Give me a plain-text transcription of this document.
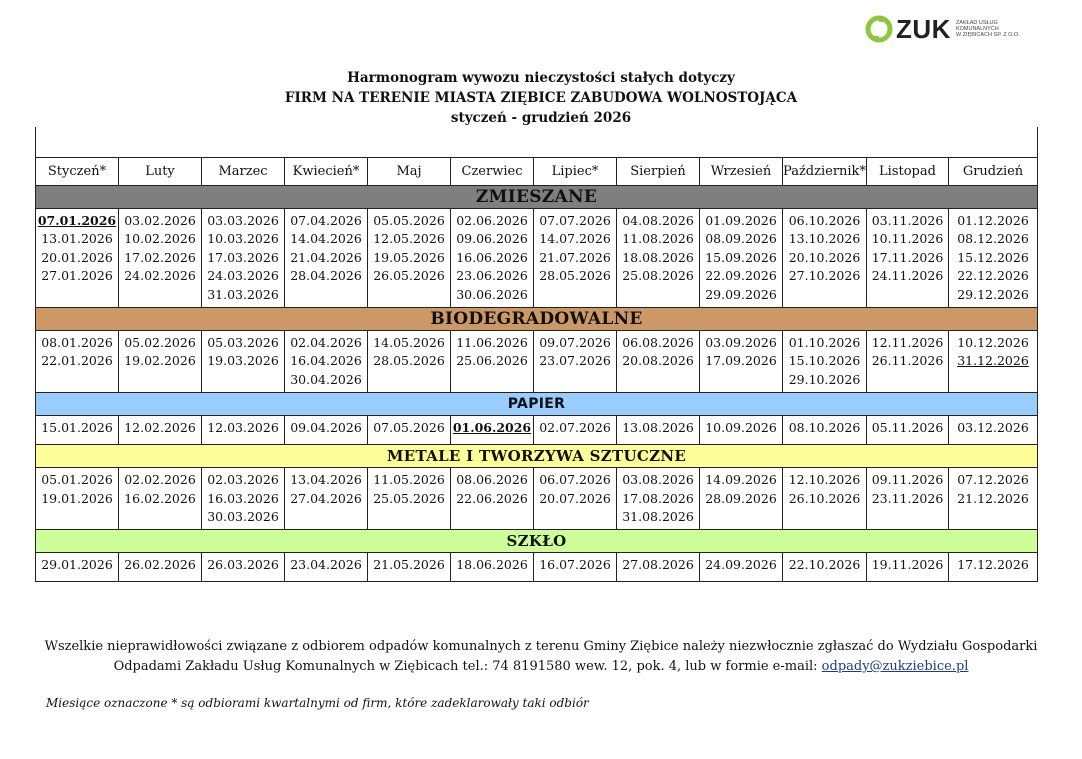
ZUK ZAKŁAD USŁUG
KOMUNALNYCH
W ZIĘBICACH SP. Z O.O.
Harmonogram wywozu nieczystości stałych dotyczy
FIRM NA TERENIE MIASTA ZIĘBICE ZABUDOWA WOLNOSTOJĄCA
styczeń - grudzień 2026
Styczeń*	Luty	Marzec	Kwiecień*	Maj	Czerwiec	Lipiec*	Sierpień	Wrzesień	Październik*	Listopad	Grudzień
ZMIESZANE											

07.01.2026
13.01.2026
20.01.2026
27.01.2026	03.02.2026
10.02.2026
17.02.2026
24.02.2026	03.03.2026
10.03.2026
17.03.2026
24.03.2026
31.03.2026	07.04.2026
14.04.2026
21.04.2026
28.04.2026	05.05.2026
12.05.2026
19.05.2026
26.05.2026	02.06.2026
09.06.2026
16.06.2026
23.06.2026
30.06.2026	07.07.2026
14.07.2026
21.07.2026
28.05.2026	04.08.2026
11.08.2026
18.08.2026
25.08.2026	01.09.2026
08.09.2026
15.09.2026
22.09.2026
29.09.2026	06.10.2026
13.10.2026
20.10.2026
27.10.2026	03.11.2026
10.11.2026
17.11.2026
24.11.2026	01.12.2026
08.12.2026
15.12.2026
22.12.2026
29.12.2026

BIODEGRADOWALNE											

08.01.2026
22.01.2026	05.02.2026
19.02.2026	05.03.2026
19.03.2026	02.04.2026
16.04.2026
30.04.2026	14.05.2026
28.05.2026	11.06.2026
25.06.2026	09.07.2026
23.07.2026	06.08.2026
20.08.2026	03.09.2026
17.09.2026	01.10.2026
15.10.2026
29.10.2026	12.11.2026
26.11.2026	10.12.2026
31.12.2026

PAPIER											

15.01.2026	12.02.2026	12.03.2026	09.04.2026	07.05.2026	01.06.2026	02.07.2026	13.08.2026	10.09.2026	08.10.2026	05.11.2026	03.12.2026

METALE I TWORZYWA SZTUCZNE											

05.01.2026
19.01.2026	02.02.2026
16.02.2026	02.03.2026
16.03.2026
30.03.2026	13.04.2026
27.04.2026	11.05.2026
25.05.2026	08.06.2026
22.06.2026	06.07.2026
20.07.2026	03.08.2026
17.08.2026
31.08.2026	14.09.2026
28.09.2026	12.10.2026
26.10.2026	09.11.2026
23.11.2026	07.12.2026
21.12.2026

SZKŁO											

29.01.2026	26.02.2026	26.03.2026	23.04.2026	21.05.2026	18.06.2026	16.07.2026	27.08.2026	24.09.2026	22.10.2026	19.11.2026	17.12.2026
Wszelkie nieprawidłowości związane z odbiorem odpadów komunalnych z terenu Gminy Ziębice należy niezwłocznie zgłaszać do Wydziału Gospodarki
Odpadami Zakładu Usług Komunalnych w Ziębicach tel.: 74 8191580 wew. 12, pok. 4, lub w formie e-mail: odpady@zukziebice.pl
Miesiące oznaczone * są odbiorami kwartalnymi od firm, które zadeklarowały taki odbiór
